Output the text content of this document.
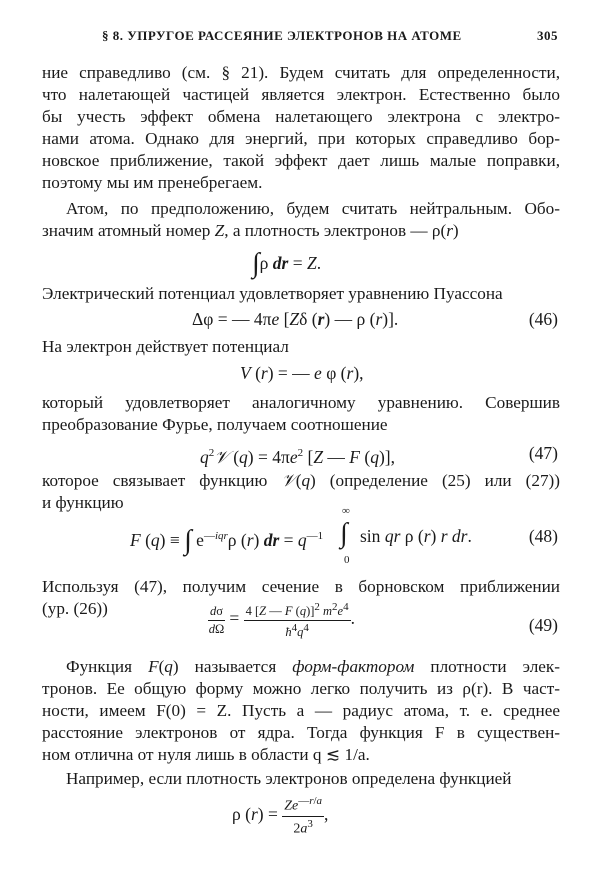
§ 8. УПРУГОЕ РАССЕЯНИЕ ЭЛЕКТРОНОВ НА АТОМЕ	305
ние справедливо (см. § 21). Будем считать для определенности,
что налетающей частицей является электрон. Естественно было
бы учесть эффект обмена налетающего электрона с электро-
нами атома. Однако для энергий, при которых справедливо бор-
новское приближение, такой эффект дает лишь малые поправки,
поэтому мы им пренебрегаем.
Атом, по предположению, будем считать нейтральным. Обо-
значим атомный номер Z, а плотность электронов — ρ(r)
∫ρ dr = Z.
Электрический потенциал удовлетворяет уравнению Пуассона
Δφ = — 4πe [Zδ (r) — ρ (r)].	(46)
На электрон действует потенциал
V (r) = — e φ (r),
который удовлетворяет аналогичному уравнению. Совершив
преобразование Фурье, получаем соотношение
$q^2𝒱$ $(q) = 4\pi e^2$ [Z — F (q)],	(47)
которое связывает функцию 𝒱(q) (определение (25) или (27))
и функцию
F (q) ≡ ∫ $e^{—iqr}\rho$ (r) dr = $q^{—1}$
∞
∫
0
sin qr ρ (r) r dr.	(48)
Используя (47), получим сечение в борновском приближении
(ур. (26))	$\frac{d\sigma}{d\Omega} = \frac{4 [Z — F (q)]^2 m^2e^4}{ħ^4q^4}$ .	(49)
Функция F(q) называется форм-фактором плотности элек-
тронов. Ее общую форму можно легко получить из ρ(r). В част-
ности, имеем F(0) = Z. Пусть a — радиус атома, т. е. среднее
расстояние электронов от ядра. Тогда функция F в существен-
ном отлична от нуля лишь в области q ≲ 1/a.
Например, если плотность электронов определена функцией
ρ $(r) = \frac{Ze^{—r/a}}{2a^3}$ ,
